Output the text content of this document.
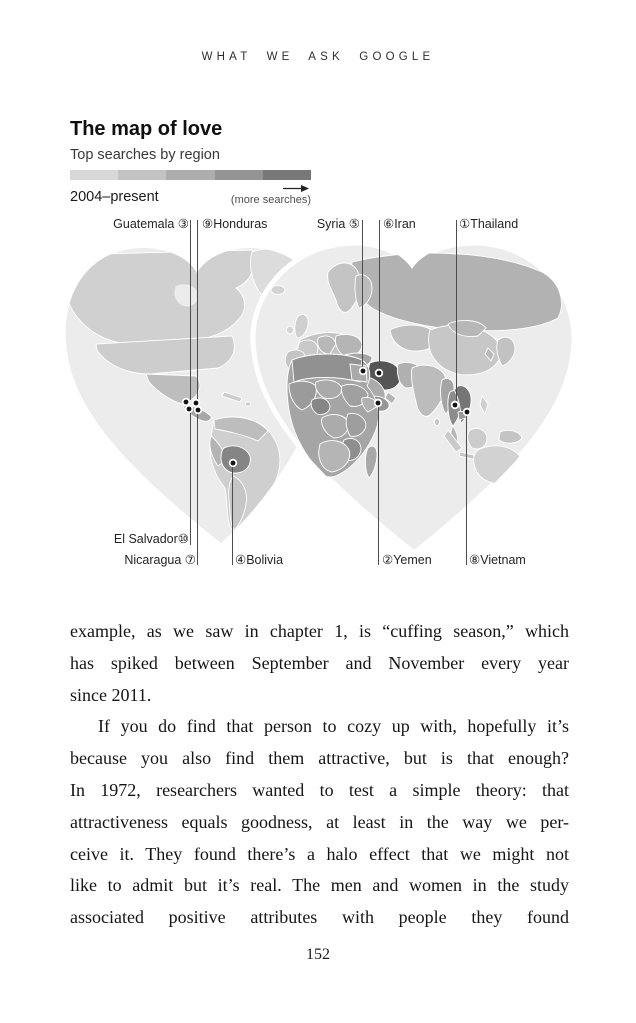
WHAT WE ASK GOOGLE
The map of love
Top searches by region
2004–present	(more searches)
Guatemala ③ ⑨Honduras	Syria ⑤ ⑥Iran	①Thailand
El Salvador⑩
Nicaragua ⑦	④Bolivia	②Yemen	⑧Vietnam
example, as we saw in chapter 1, is “cuffing season,” which
has spiked between September and November every year
since 2011.
If you do find that person to cozy up with, hopefully it’s
because you also find them attractive, but is that enough?
In 1972, researchers wanted to test a simple theory: that
attractiveness equals goodness, at least in the way we per-
ceive it. They found there’s a halo effect that we might not
like to admit but it’s real. The men and women in the study
associated positive attributes with people they found
152
